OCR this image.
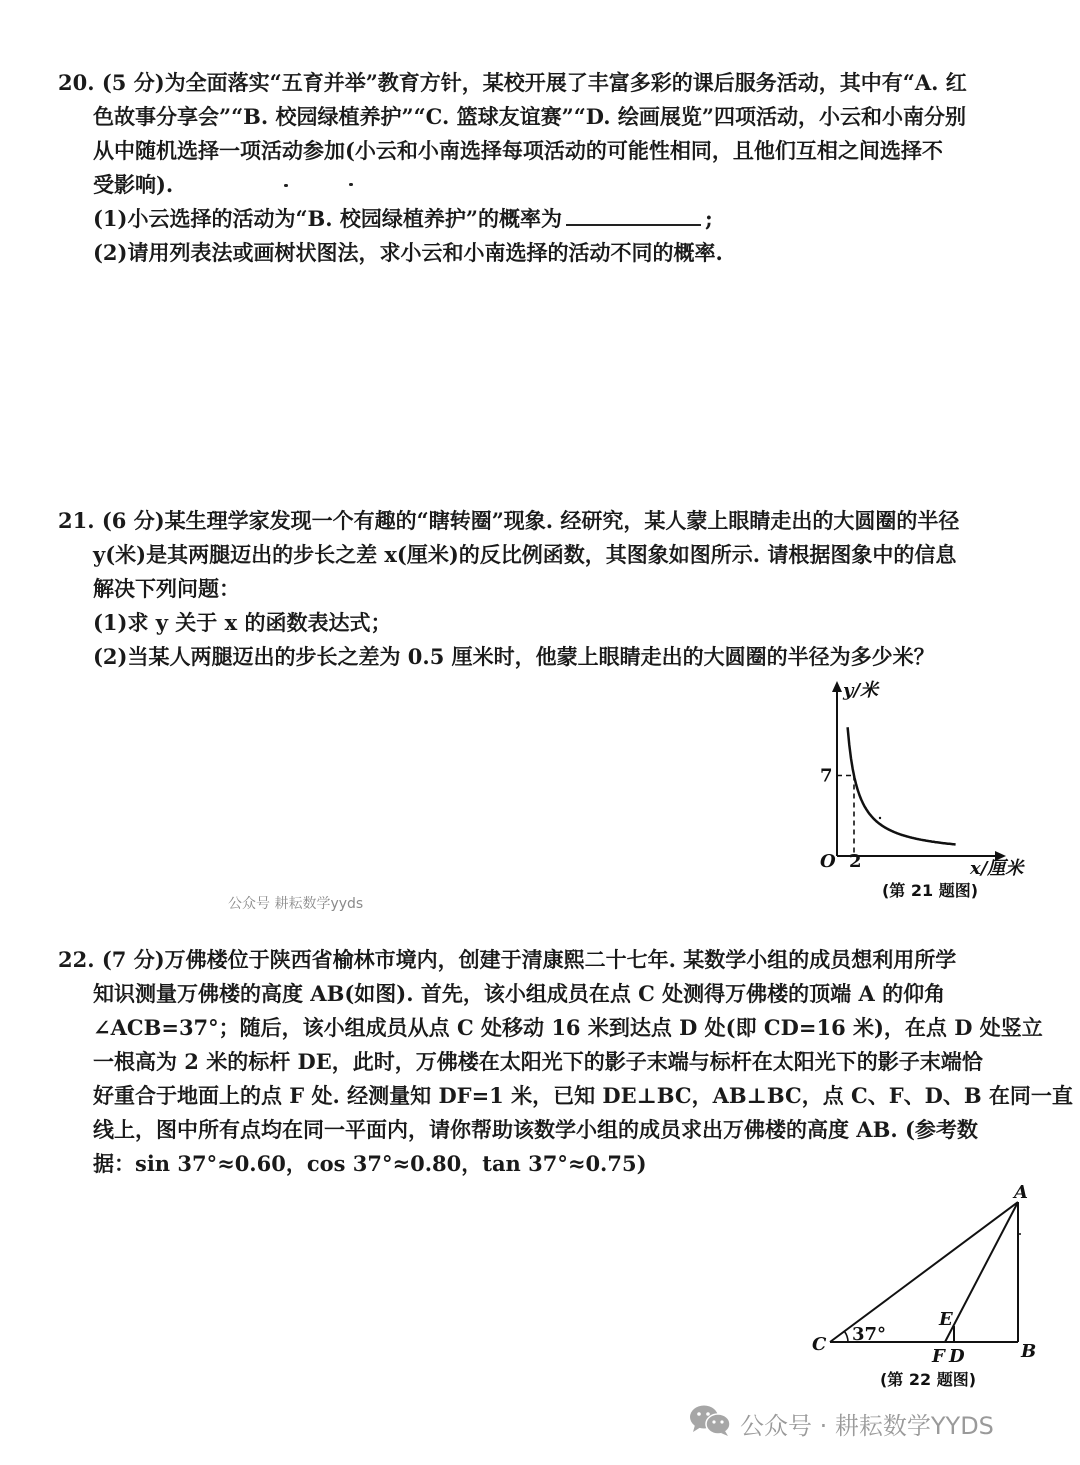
20. (5 分)为全面落实“五育并举”教育方针，某校开展了丰富多彩的课后服务活动，其中有“A. 红
色故事分享会”“B. 校园绿植养护”“C. 篮球友谊赛”“D. 绘画展览”四项活动，小云和小南分别
从中随机选择一项活动参加(小云和小南选择每项活动的可能性相同，且他们互相之间选择不
受影响).
(1)小云选择的活动为“B. 校园绿植养护”的概率为	;
(2)请用列表法或画树状图法，求小云和小南选择的活动不同的概率.
21. (6 分)某生理学家发现一个有趣的“瞎转圈”现象. 经研究，某人蒙上眼睛走出的大圆圈的半径
y(米)是其两腿迈出的步长之差 x(厘米)的反比例函数，其图象如图所示. 请根据图象中的信息
解决下列问题：
(1)求 y 关于 x 的函数表达式；
(2)当某人两腿迈出的步长之差为 0.5 厘米时，他蒙上眼睛走出的大圆圈的半径为多少米？
y/米
7
O 2	x/厘米
(第 21 题图)
公众号 耕耘数学yyds
22. (7 分)万佛楼位于陕西省榆林市境内，创建于清康熙二十七年. 某数学小组的成员想利用所学
知识测量万佛楼的高度 AB(如图). 首先，该小组成员在点 C 处测得万佛楼的顶端 A 的仰角
∠ACB=37°；随后，该小组成员从点 C 处移动 16 米到达点 D 处(即 CD=16 米)，在点 D 处竖立
一根高为 2 米的标杆 DE，此时，万佛楼在太阳光下的影子末端与标杆在太阳光下的影子末端恰
好重合于地面上的点 F 处. 经测量知 DF=1 米，已知 DE⊥BC，AB⊥BC，点 C、F、D、B 在同一直
线上，图中所有点均在同一平面内，请你帮助该数学小组的成员求出万佛楼的高度 AB. (参考数
据：sin 37°≈0.60，cos 37°≈0.80，tan 37°≈0.75)
A
B
C
E
F D
37°
(第 22 题图)
公众号 · 耕耘数学YYDS
